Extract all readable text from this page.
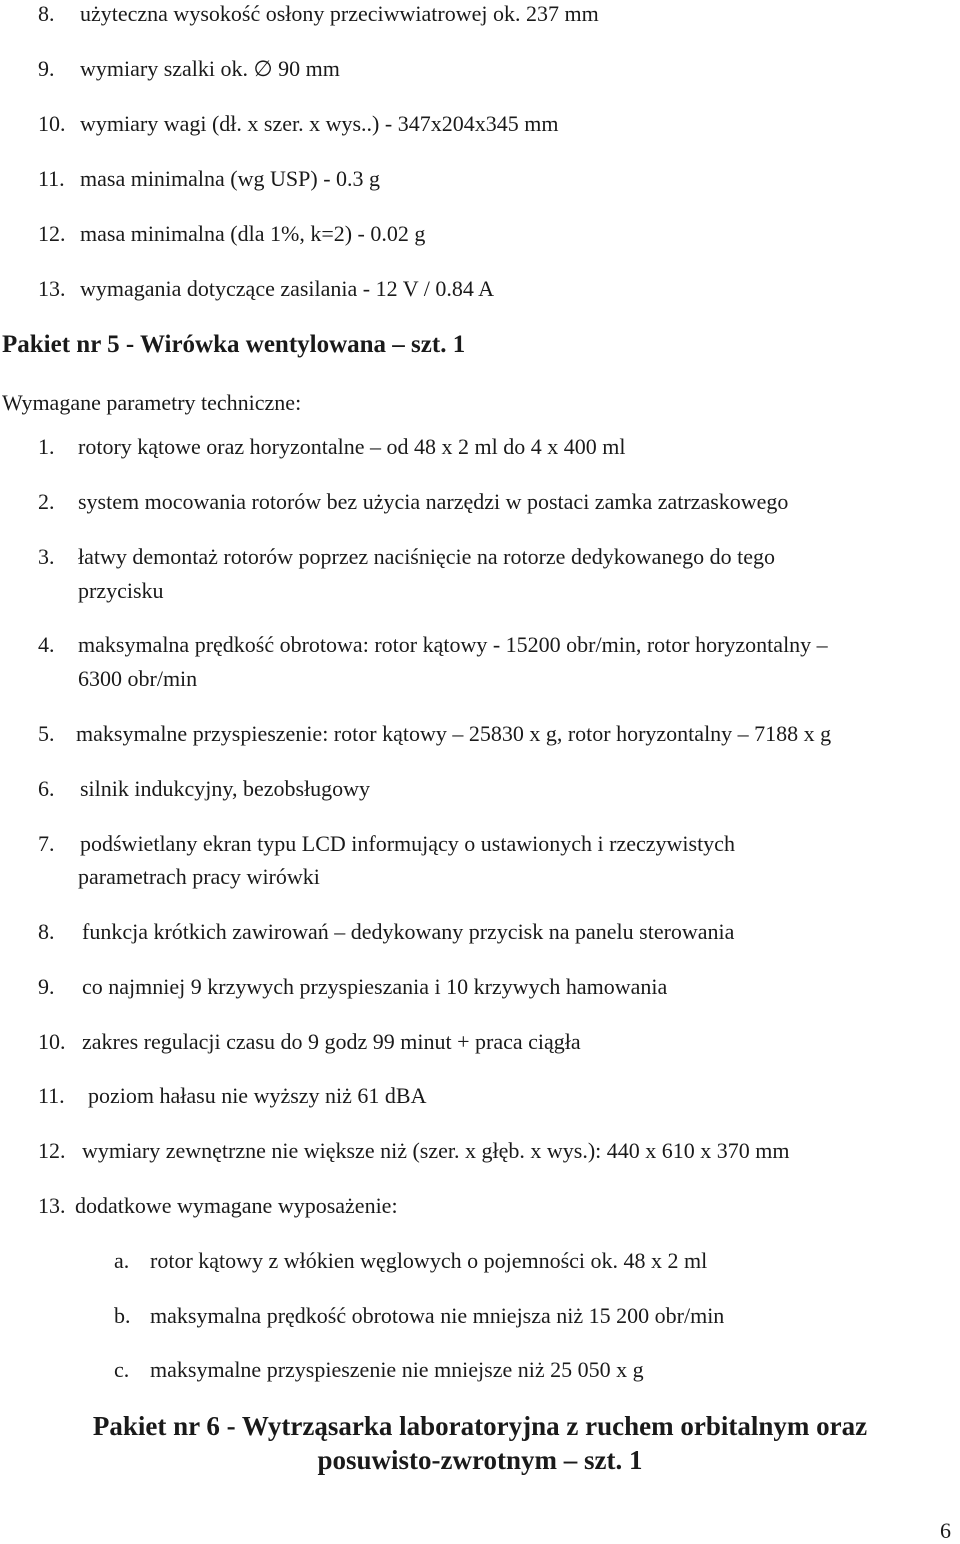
8. użyteczna wysokość osłony przeciwwiatrowej ok. 237 mm
9. wymiary szalki ok. ∅ 90 mm
10. wymiary wagi (dł. x szer. x wys..) - 347x204x345 mm
11. masa minimalna (wg USP) - 0.3 g
12. masa minimalna (dla 1%, k=2) - 0.02 g
13. wymagania dotyczące zasilania - 12 V / 0.84 A
Pakiet nr 5 - Wirówka wentylowana – szt. 1
Wymagane parametry techniczne:
1. rotory kątowe oraz horyzontalne – od 48 x 2 ml do 4 x 400 ml
2. system mocowania rotorów bez użycia narzędzi w postaci zamka zatrzaskowego
3. łatwy demontaż rotorów poprzez naciśnięcie na rotorze dedykowanego do tego
przycisku
4. maksymalna prędkość obrotowa: rotor kątowy - 15200 obr/min, rotor horyzontalny –
6300 obr/min
5. maksymalne przyspieszenie: rotor kątowy – 25830 x g, rotor horyzontalny – 7188 x g
6. silnik indukcyjny, bezobsługowy
7. podświetlany ekran typu LCD informujący o ustawionych i rzeczywistych
parametrach pracy wirówki
8. funkcja krótkich zawirowań – dedykowany przycisk na panelu sterowania
9. co najmniej 9 krzywych przyspieszania i 10 krzywych hamowania
10. zakres regulacji czasu do 9 godz 99 minut + praca ciągła
11. poziom hałasu nie wyższy niż 61 dBA
12. wymiary zewnętrzne nie większe niż (szer. x głęb. x wys.): 440 x 610 x 370 mm
13. dodatkowe wymagane wyposażenie:
a. rotor kątowy z włókien węglowych o pojemności ok. 48 x 2 ml
b. maksymalna prędkość obrotowa nie mniejsza niż 15 200 obr/min
c. maksymalne przyspieszenie nie mniejsze niż 25 050 x g
Pakiet nr 6 - Wytrząsarka laboratoryjna z ruchem orbitalnym oraz
posuwisto-zwrotnym – szt. 1
6
